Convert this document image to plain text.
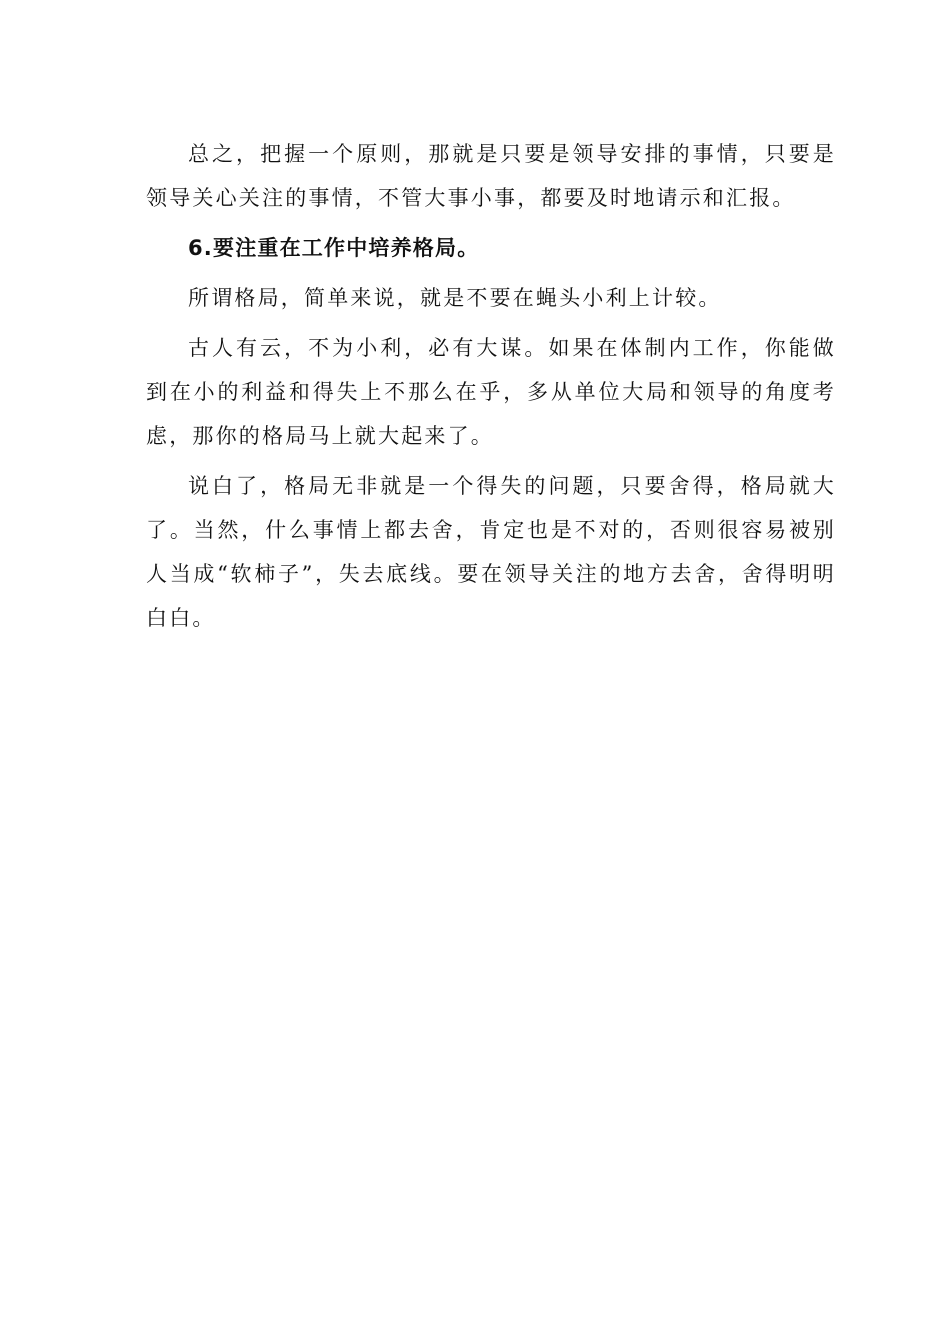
总之，把握一个原则，那就是只要是领导安排的事情，只要是领导关心关注的事情，不管大事小事，都要及时地请示和汇报。

6.要注重在工作中培养格局。

所谓格局，简单来说，就是不要在蝇头小利上计较。

古人有云，不为小利，必有大谋。如果在体制内工作，你能做到在小的利益和得失上不那么在乎，多从单位大局和领导的角度考虑，那你的格局马上就大起来了。

说白了，格局无非就是一个得失的问题，只要舍得，格局就大了。当然，什么事情上都去舍，肯定也是不对的，否则很容易被别人当成“软柿子”，失去底线。要在领导关注的地方去舍，舍得明明白白。
